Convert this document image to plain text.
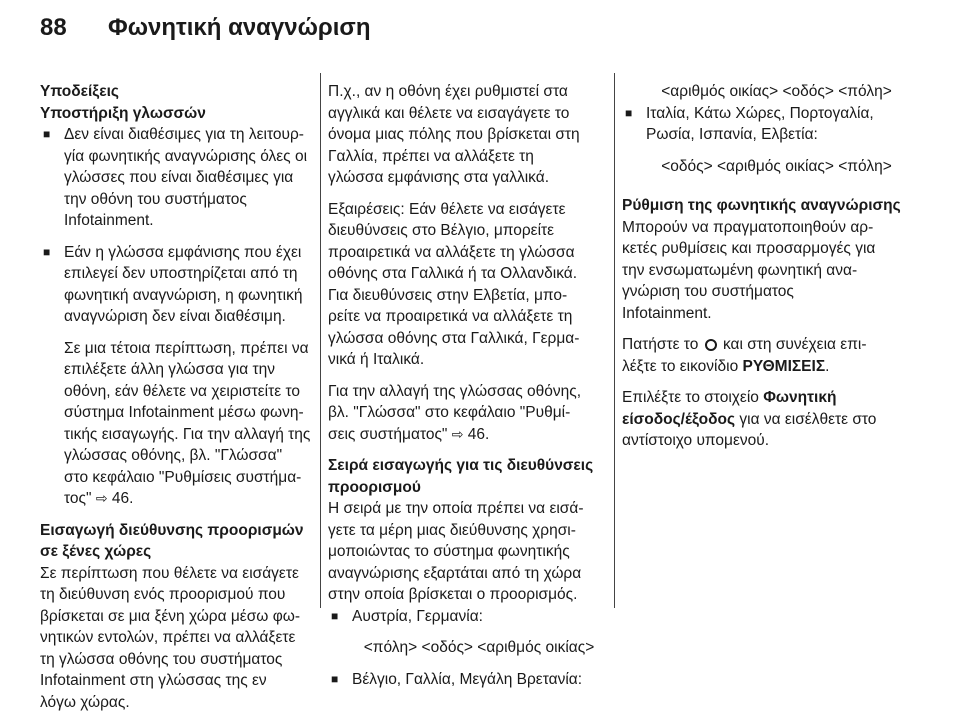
88 Φωνητική αναγνώριση

Υποδείξεις

Υποστήριξη γλωσσών

■ Δεν είναι διαθέσιμες για τη λειτουρ-
γία φωνητικής αναγνώρισης όλες οι
γλώσσες που είναι διαθέσιμες για
την οθόνη του συστήματος
Infotainment.
■ Εάν η γλώσσα εμφάνισης που έχει
επιλεγεί δεν υποστηρίζεται από τη
φωνητική αναγνώριση, η φωνητική
αναγνώριση δεν είναι διαθέσιμη.
Σε μια τέτοια περίπτωση, πρέπει να
επιλέξετε άλλη γλώσσα για την
οθόνη, εάν θέλετε να χειριστείτε το
σύστημα Infotainment μέσω φωνη-
τικής εισαγωγής. Για την αλλαγή της
γλώσσας οθόνης, βλ. "Γλώσσα"
στο κεφάλαιο "Ρυθμίσεις συστήμα-
τος" ⇨ 46.

Εισαγωγή διεύθυνσης προορισμών
σε ξένες χώρες

Σε περίπτωση που θέλετε να εισάγετε
τη διεύθυνση ενός προορισμού που
βρίσκεται σε μια ξένη χώρα μέσω φω-
νητικών εντολών, πρέπει να αλλάξετε
τη γλώσσα οθόνης του συστήματος
Infotainment στη γλώσσας της εν
λόγω χώρας.
Π.χ., αν η οθόνη έχει ρυθμιστεί στα
αγγλικά και θέλετε να εισαγάγετε το
όνομα μιας πόλης που βρίσκεται στη
Γαλλία, πρέπει να αλλάξετε τη
γλώσσα εμφάνισης στα γαλλικά.
Εξαιρέσεις: Εάν θέλετε να εισάγετε
διευθύνσεις στο Βέλγιο, μπορείτε
προαιρετικά να αλλάξετε τη γλώσσα
οθόνης στα Γαλλικά ή τα Ολλανδικά.
Για διευθύνσεις στην Ελβετία, μπο-
ρείτε να προαιρετικά να αλλάξετε τη
γλώσσα οθόνης στα Γαλλικά, Γερμα-
νικά ή Ιταλικά.
Για την αλλαγή της γλώσσας οθόνης,
βλ. "Γλώσσα" στο κεφάλαιο "Ρυθμί-
σεις συστήματος" ⇨ 46.

Σειρά εισαγωγής για τις διευθύνσεις
προορισμού

Η σειρά με την οποία πρέπει να εισά-
γετε τα μέρη μιας διεύθυνσης χρησι-
μοποιώντας το σύστημα φωνητικής
αναγνώρισης εξαρτάται από τη χώρα
στην οποία βρίσκεται ο προορισμός.
■ Αυστρία, Γερμανία:
<πόλη> <οδός> <αριθμός οικίας>
■ Βέλγιο, Γαλλία, Μεγάλη Βρετανία:
<αριθμός οικίας> <οδός> <πόλη>
■ Ιταλία, Κάτω Χώρες, Πορτογαλία,
Ρωσία, Ισπανία, Ελβετία:
<οδός> <αριθμός οικίας> <πόλη>

Ρύθμιση της φωνητικής αναγνώρισης

Μπορούν να πραγματοποιηθούν αρ-
κετές ρυθμίσεις και προσαρμογές για
την ενσωματωμένη φωνητική ανα-
γνώριση του συστήματος
Infotainment.
Πατήστε το και στη συνέχεια επι-
λέξτε το εικονίδιο ΡΥΘΜΙΣΕΙΣ.
Επιλέξτε το στοιχείο Φωνητική
είσοδος/έξοδος για να εισέλθετε στο
αντίστοιχο υπομενού.
